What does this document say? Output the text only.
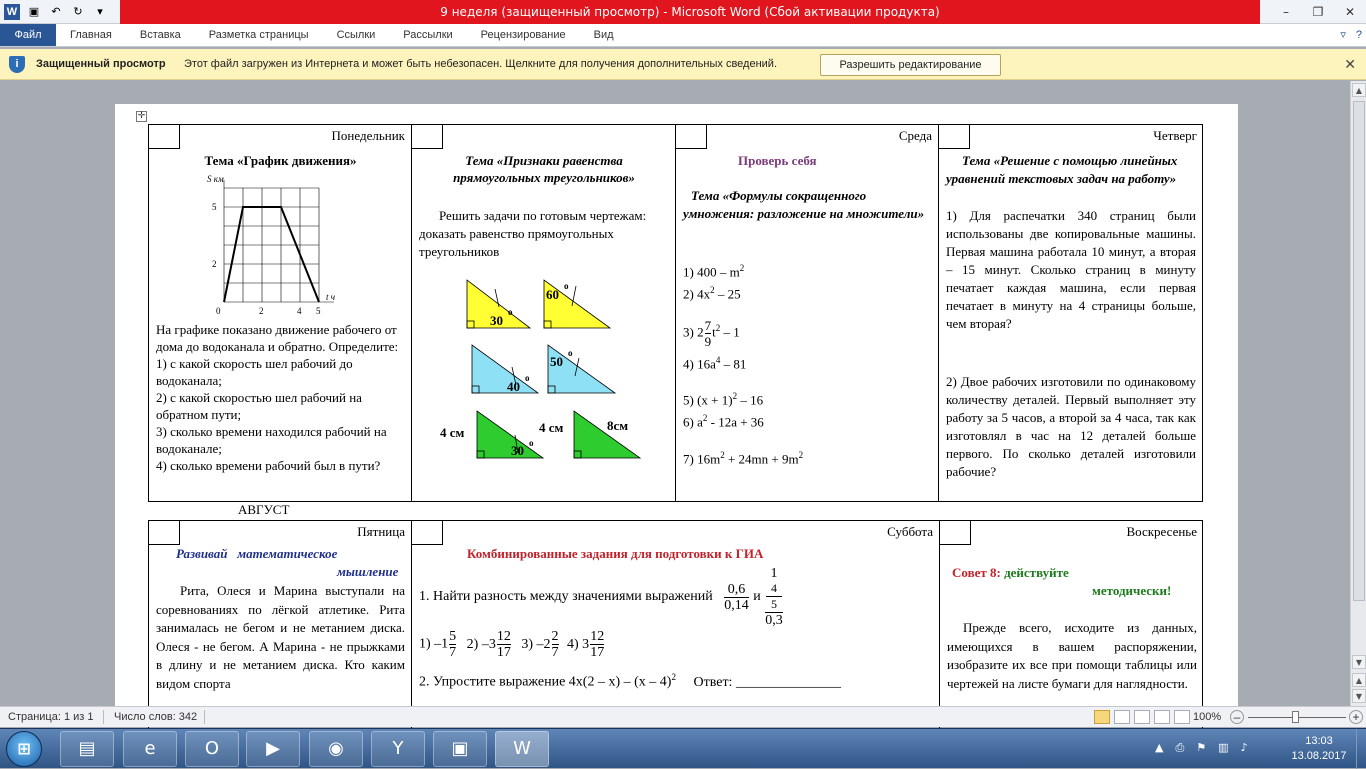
W ▣	↶	↻	▾	9 неделя (защищенный просмотр) - Microsoft Word (Сбой активации продукта)	–	❐	✕
Файл	Главная	Вставка	Разметка страницы	Ссылки	Рассылки	Рецензирование	Вид	▿ ?
i	Защищенный просмотр Этот файл загружен из Интернета и может быть небезопасен. Щелкните для получения дополнительных сведений.	Разрешить редактирование	✕
✛
Понедельник
Тема «График движения»
S км
t ч
5
2
0	2	4 5
На графике показано движение рабочего от дома до водоканала и обратно. Определите:
1) с какой скорость шел рабочий до водоканала;
2) с какой скоростью шел рабочий на обратном пути;
3) сколько времени находился рабочий на водоканале;
4) сколько времени рабочий был в пути?
Тема «Признаки равенства прямоугольных треугольников»
Решить задачи по готовым чертежам: доказать равенство прямоугольных треугольников
30
o
60
o
40
o
50
o
4 см
30 o
4 см	8см
Среда
Проверь себя
Тема «Формулы сокращенного умножения: разложение на множители»
1) $400 - m^2$
2) $4x^2 - 25$
3) $2 \frac{7}{9} t^2 - 1$
4) $16a^4 - 81$
5) $(x + 1)^2 - 16$
6) $a^2 - 12a + 36$
7) $16m^2 + 24mn + 9m^2$
Четверг
Тема «Решение с помощью линейных уравнений текстовых задач на работу»
1) Для распечатки 340 страниц были использованы две копировальные машины. Первая машина работала 10 минут, а вторая – 15 минут. Сколько страниц в минуту печатает каждая машина, если первая печатает в минуту на 4 страницы больше, чем вторая?
2) Двое рабочих изготовили по одинаковому количеству деталей. Первый выполняет эту работу за 5 часов, а второй за 4 часа, так как изготовлял в час на 12 деталей больше первого. По сколько деталей изготовили рабочие?
АВГУСТ
Пятница
Развивай   математическое
мышление
Рита, Олеся и Марина выступали на соревнованиях по лёгкой атлетике. Рита занималась не бегом и не метанием диска. Олеся - не бегом. А Марина - не прыжками в длину и не метанием диска. Кто каким видом спорта
Суббота
Комбинированные задания для подготовки к ГИА
1. Найти разность между значениями выражений $\frac{0,6}{0,14}$ и 1
4
5
0,3
1) $-1 \frac{5}{7} 2$) $-3 \frac{12}{17} 3$) $-2 \frac{2}{7} 4$) $3 \frac{12}{17}$
2. Упростите выражение 4x(2 – x) – (x – 4)$^2$ Ответ: _______________
Воскресенье
Совет 8: действуйте
методически!
Прежде всего, исходите из данных, имеющихся в вашем распоряжении, изобразите их все при помощи таблицы или чертежей на листе бумаги для наглядности.
▲
▼
▲
▼
Страница: 1 из 1 Число слов: 342	100%	–	+
⊞	▤	e	O	▶	◉	Y	▣	W	▲ ⎙ ⚑ ▥ ♪	13:03
13.08.2017
